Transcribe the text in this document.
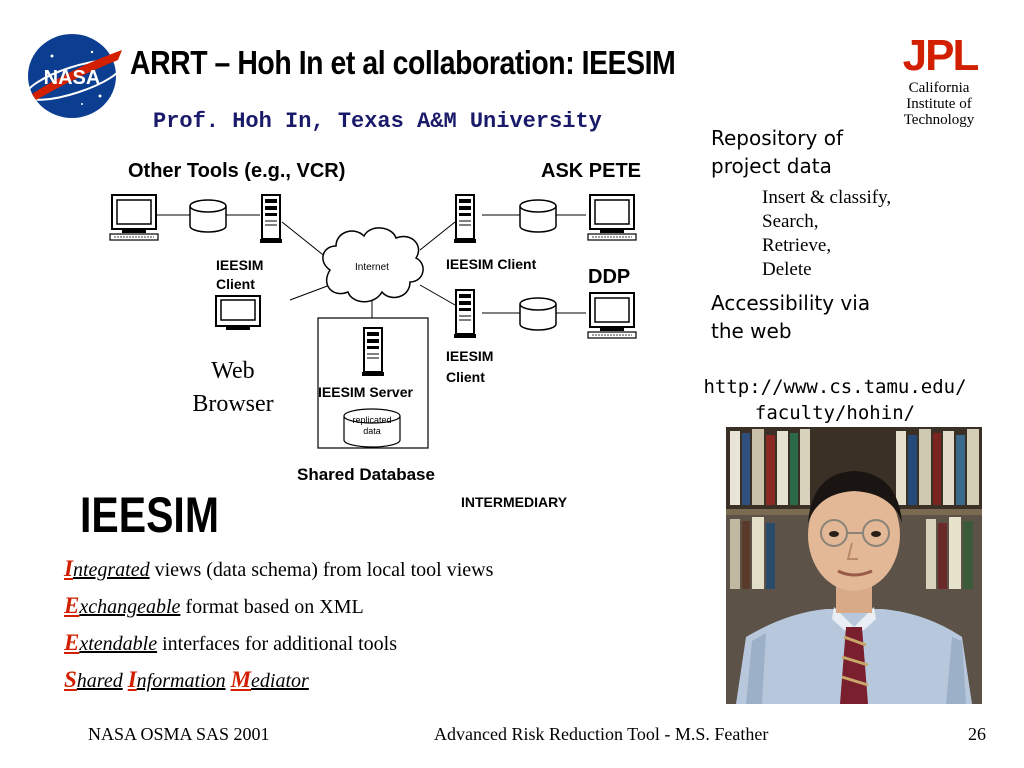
NASA ARRT – Hoh In et al collaboration: IEESIM
Prof. Hoh In, Texas A&M University
JPL
California
Institute of
Technology
Internet
replicated
data
Other Tools (e.g., VCR)	ASK PETE
IEESIM
Client
IEESIM Client
DDP
IEESIM
Client
IEESIM Server
Web
Browser
Shared Database
INTERMEDIARY
Repository of
project data
Insert & classify,
Search,
Retrieve,
Delete
Accessibility via
the web
http://www.cs.tamu.edu/
faculty/hohin/
IEESIM
Integrated views (data schema) from local tool views
Exchangeable format based on XML
Extendable interfaces for additional tools
Shared Information Mediator
NASA OSMA SAS 2001	Advanced Risk Reduction Tool - M.S. Feather	26
